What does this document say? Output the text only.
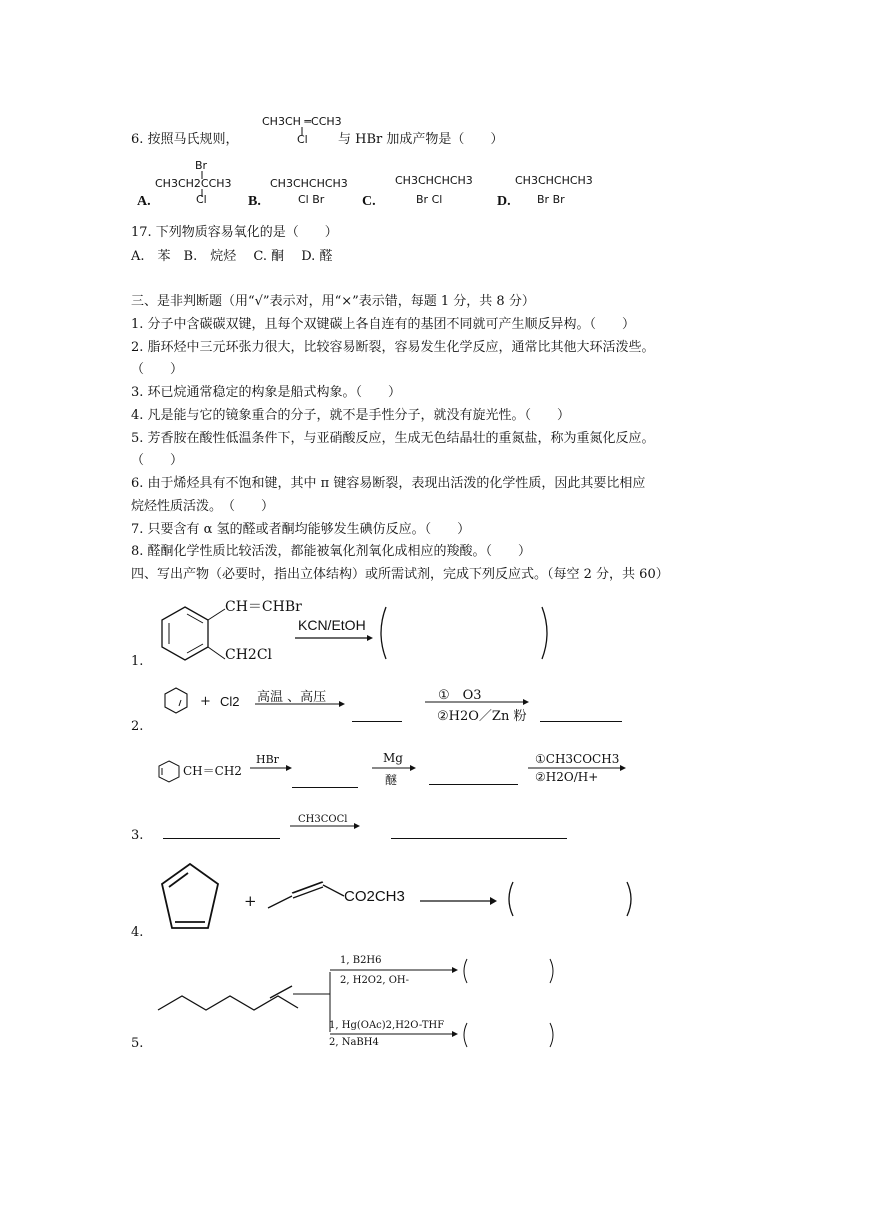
CH3CH ═CCH3
Cl
6. 按照马氏规则，	与 HBr 加成产物是（　　）
Br
CH3CH2CCH3
Cl
A.
CH3CHCHCH3
Cl Br
B.
CH3CHCHCH3
Br Cl
C.
CH3CHCHCH3
Br Br
D.
17. 下列物质容易氧化的是（　　）
A.　苯　B.　烷烃　 C. 酮　 D. 醛
三、是非判断题（用“√”表示对，用“×”表示错，每题 1 分，共 8 分）
1. 分子中含碳碳双键，且每个双键碳上各自连有的基团不同就可产生顺反异构。（　　）
2. 脂环烃中三元环张力很大，比较容易断裂，容易发生化学反应，通常比其他大环活泼些。
（　　）
3. 环已烷通常稳定的构象是船式构象。（　　）
4. 凡是能与它的镜象重合的分子，就不是手性分子，就没有旋光性。（　　）
5. 芳香胺在酸性低温条件下，与亚硝酸反应，生成无色结晶壮的重氮盐，称为重氮化反应。
（　　）
6. 由于烯烃具有不饱和键，其中 π 键容易断裂，表现出活泼的化学性质，因此其要比相应
烷烃性质活泼。　（　　）
7. 只要含有 α 氢的醛或者酮均能够发生碘仿反应。（　　）
8. 醛酮化学性质比较活泼，都能被氧化剂氧化成相应的羧酸。（　　）
四、写出产物（必要时，指出立体结构）或所需试剂，完成下列反应式。（每空 2 分，共 60）
CH＝CHBr
CH2Cl
KCN/EtOH
1.
+ Cl2 高温 、高压	①　O3
②H2O／Zn 粉
2.
CH＝CH2
HBr	Mg
醚
①CH3COCH3
②H2O/H+
CH3COCl
3.
+	CO2CH3
4.
1, B2H6
2, H2O2, OH-
1, Hg(OAc)2,H2O-THF
2, NaBH4
5.
